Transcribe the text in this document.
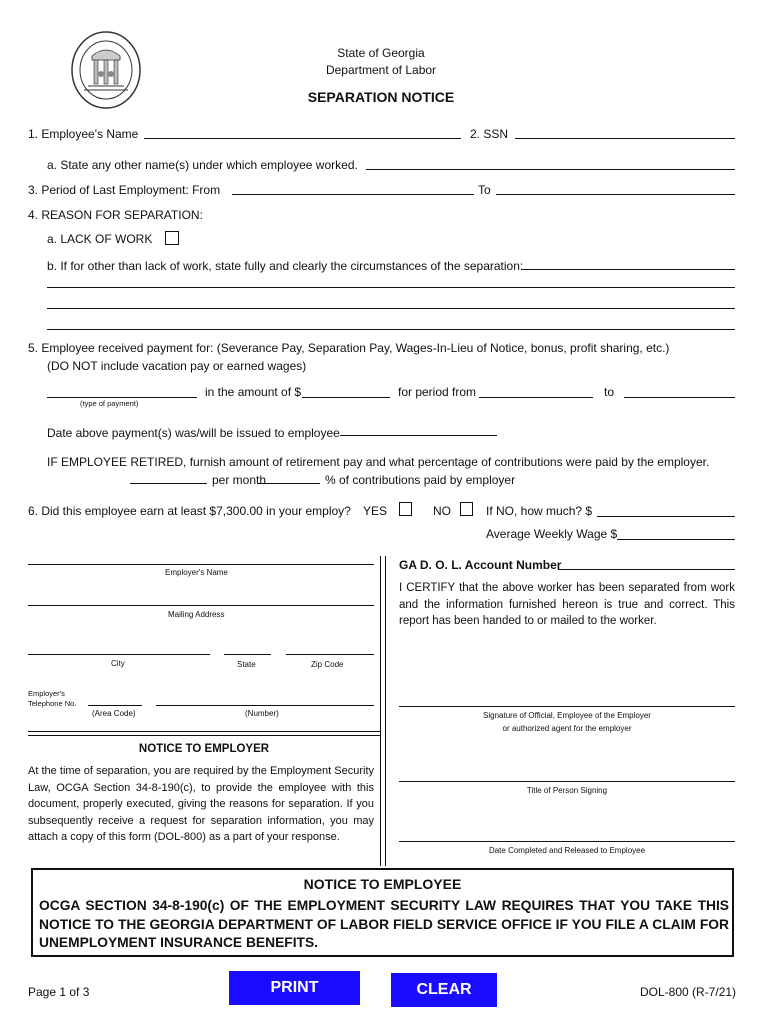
State of Georgia
Department of Labor
SEPARATION NOTICE
1. Employee's Name	2. SSN
a. State any other name(s) under which employee worked.
3. Period of Last Employment: From	To
4. REASON FOR SEPARATION:
a. LACK OF WORK
b. If for other than lack of work, state fully and clearly the circumstances of the separation:
5. Employee received payment for: (Severance Pay, Separation Pay, Wages-In-Lieu of Notice, bonus, profit sharing, etc.)
(DO NOT include vacation pay or earned wages)
(type of payment)
in the amount of $	for period from	to
Date above payment(s) was/will be issued to employee
IF EMPLOYEE RETIRED, furnish amount of retirement pay and what percentage of contributions were paid by the employer.
per month	% of contributions paid by employer
6. Did this employee earn at least $7,300.00 in your employ? YES	NO	If NO, how much? $
Average Weekly Wage $
Employer's Name
Mailing Address
City	State	Zip Code
Employer's
Telephone No.
(Area Code)	(Number)
NOTICE TO EMPLOYER
At the time of separation, you are required by the Employment Security Law, OCGA Section 34-8-190(c), to provide the employee with this document, properly executed, giving the reasons for separation. If you subsequently receive a request for separation information, you may attach a copy of this form (DOL-800) as a part of your response.
GA D. O. L. Account Number
I CERTIFY that the above worker has been separated from work and the information furnished hereon is true and correct. This report has been handed to or mailed to the worker.
Signature of Official, Employee of the Employer
or authorized agent for the employer
Title of Person Signing
Date Completed and Released to Employee
NOTICE TO EMPLOYEE
OCGA SECTION 34-8-190(c) OF THE EMPLOYMENT SECURITY LAW REQUIRES THAT YOU TAKE THIS NOTICE TO THE GEORGIA DEPARTMENT OF LABOR FIELD SERVICE OFFICE IF YOU FILE A CLAIM FOR UNEMPLOYMENT INSURANCE BENEFITS.
Page 1 of 3	PRINT	CLEAR	DOL-800 (R-7/21)
